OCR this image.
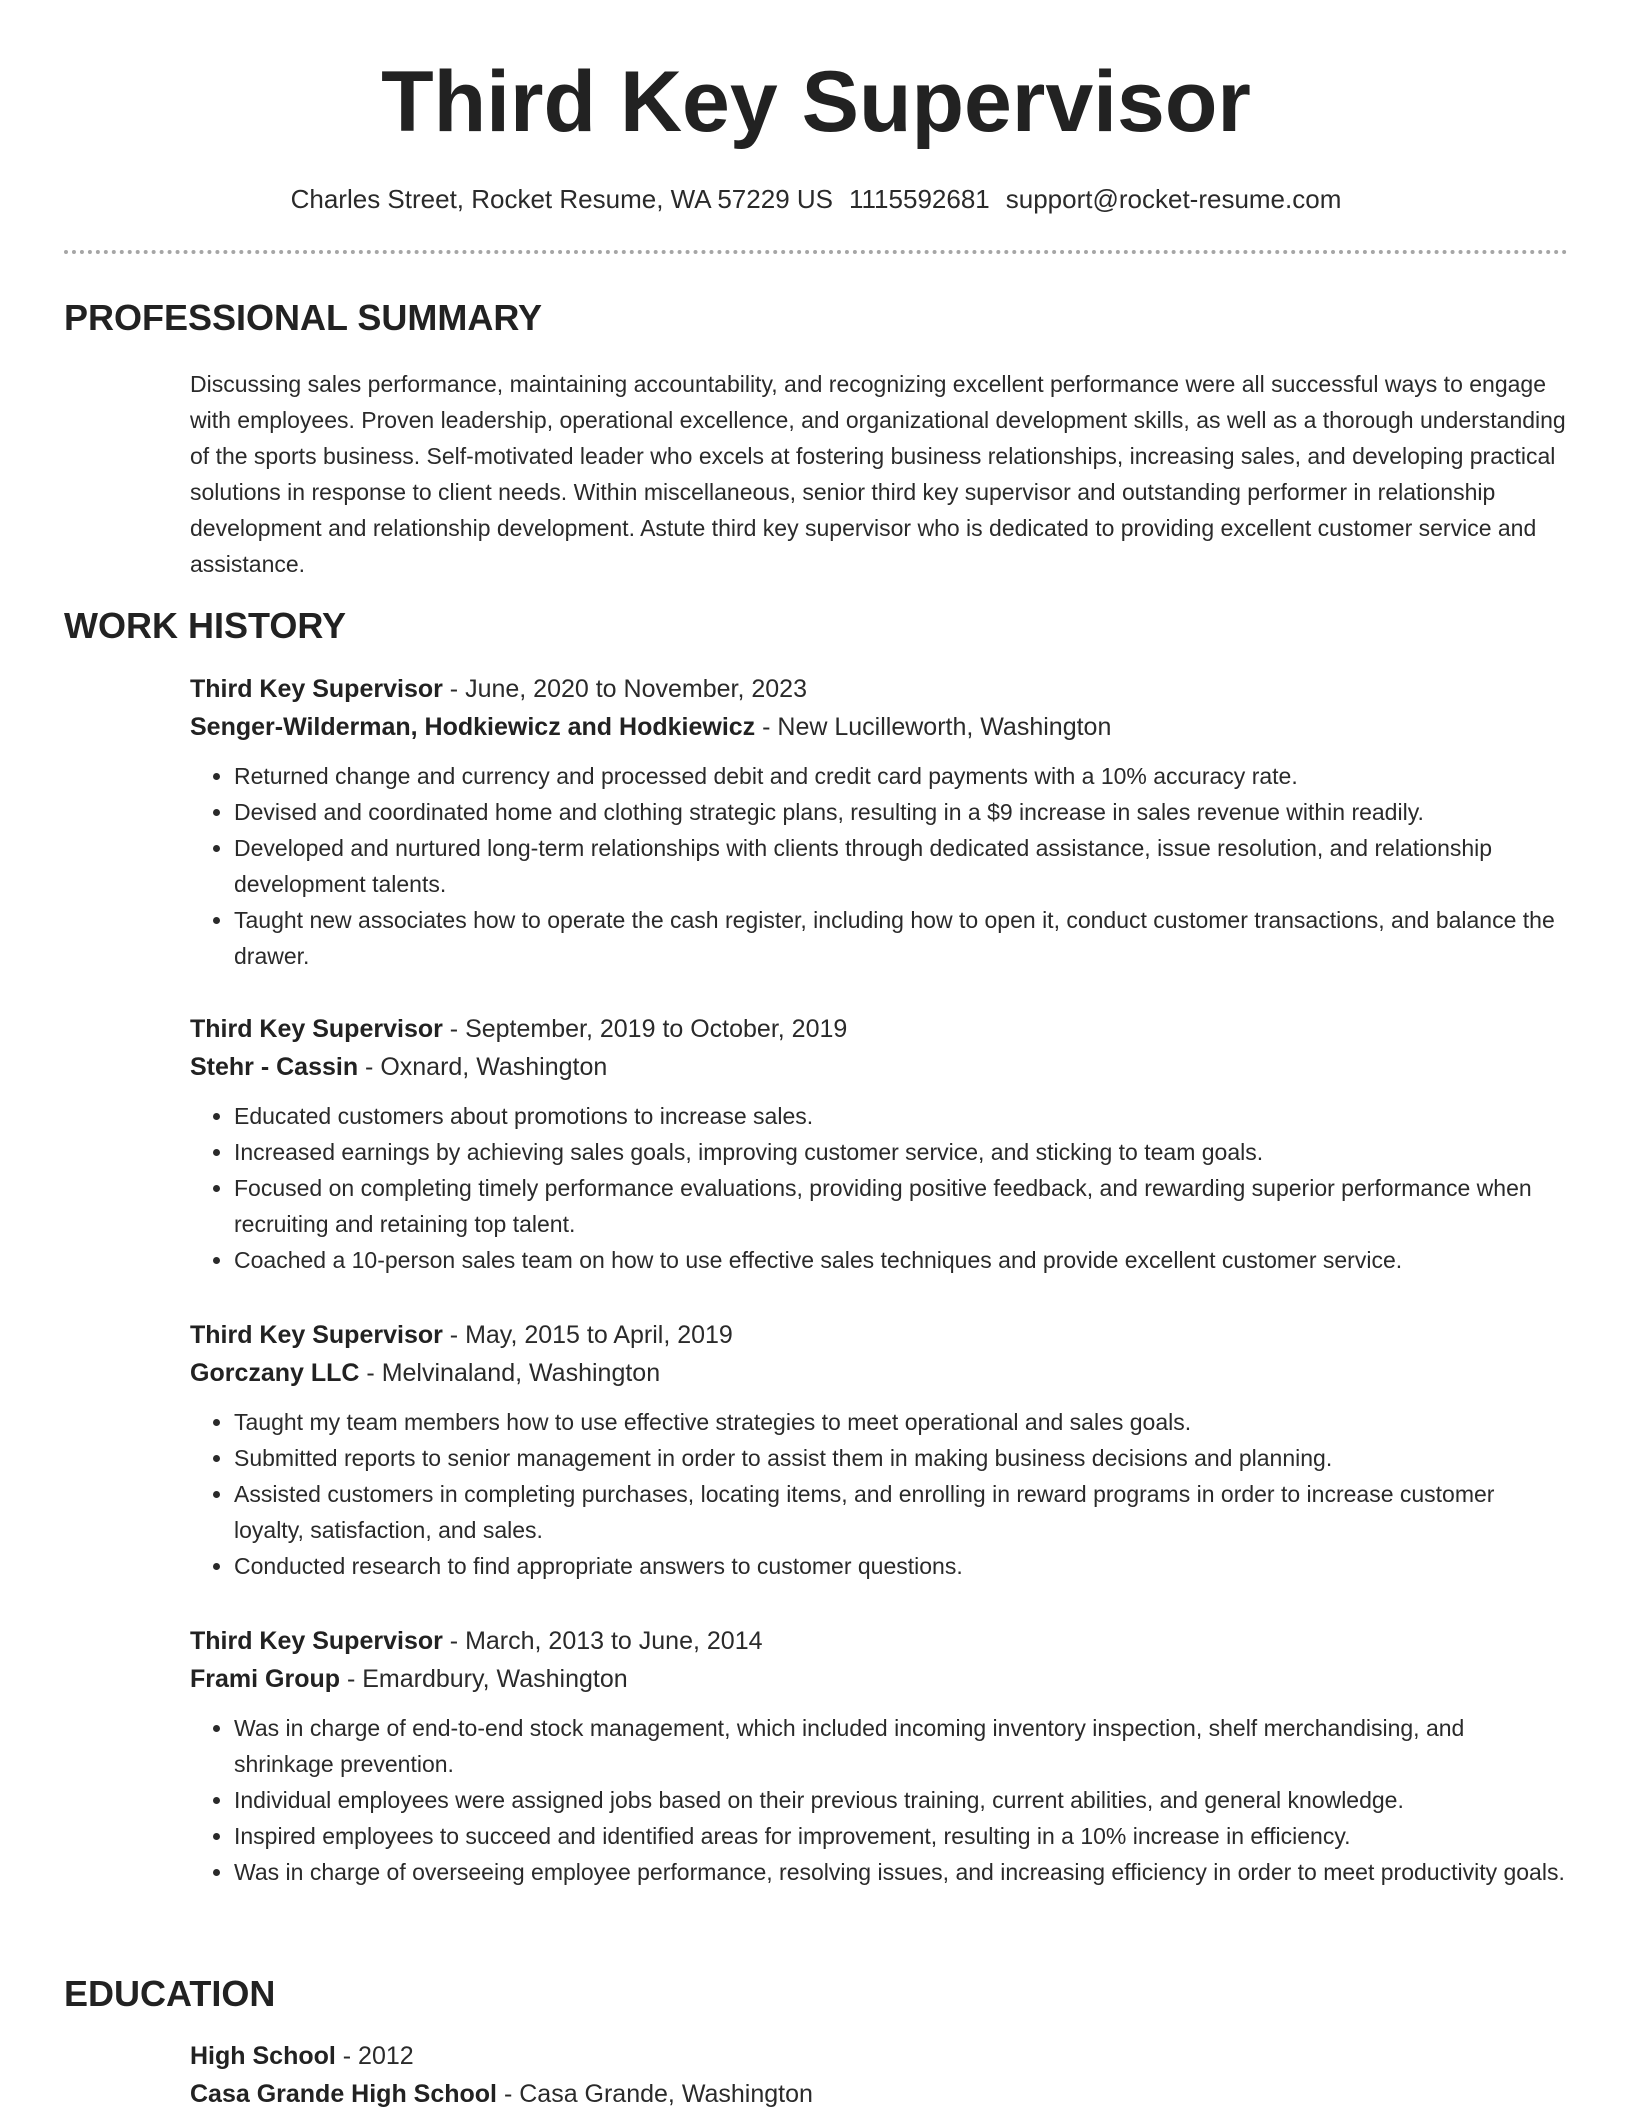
Third Key Supervisor
Charles Street, Rocket Resume, WA 57229 US 1115592681 support@rocket-resume.com
PROFESSIONAL SUMMARY
Discussing sales performance, maintaining accountability, and recognizing excellent performance were all successful ways to engage with employees. Proven leadership, operational excellence, and organizational development skills, as well as a thorough understanding of the sports business. Self-motivated leader who excels at fostering business relationships, increasing sales, and developing practical solutions in response to client needs. Within miscellaneous, senior third key supervisor and outstanding performer in relationship development and relationship development. Astute third key supervisor who is dedicated to providing excellent customer service and assistance.
WORK HISTORY
Third Key Supervisor - June, 2020 to November, 2023
Senger-Wilderman, Hodkiewicz and Hodkiewicz - New Lucilleworth, Washington
• Returned change and currency and processed debit and credit card payments with a 10% accuracy rate.
• Devised and coordinated home and clothing strategic plans, resulting in a $9 increase in sales revenue within readily.
• Developed and nurtured long-term relationships with clients through dedicated assistance, issue resolution, and relationship development talents.
• Taught new associates how to operate the cash register, including how to open it, conduct customer transactions, and balance the drawer.
Third Key Supervisor - September, 2019 to October, 2019
Stehr - Cassin - Oxnard, Washington
• Educated customers about promotions to increase sales.
• Increased earnings by achieving sales goals, improving customer service, and sticking to team goals.
• Focused on completing timely performance evaluations, providing positive feedback, and rewarding superior performance when recruiting and retaining top talent.
• Coached a 10-person sales team on how to use effective sales techniques and provide excellent customer service.
Third Key Supervisor - May, 2015 to April, 2019
Gorczany LLC - Melvinaland, Washington
• Taught my team members how to use effective strategies to meet operational and sales goals.
• Submitted reports to senior management in order to assist them in making business decisions and planning.
• Assisted customers in completing purchases, locating items, and enrolling in reward programs in order to increase customer loyalty, satisfaction, and sales.
• Conducted research to find appropriate answers to customer questions.
Third Key Supervisor - March, 2013 to June, 2014
Frami Group - Emardbury, Washington
• Was in charge of end-to-end stock management, which included incoming inventory inspection, shelf merchandising, and shrinkage prevention.
• Individual employees were assigned jobs based on their previous training, current abilities, and general knowledge.
• Inspired employees to succeed and identified areas for improvement, resulting in a 10% increase in efficiency.
• Was in charge of overseeing employee performance, resolving issues, and increasing efficiency in order to meet productivity goals.
EDUCATION
High School - 2012
Casa Grande High School - Casa Grande, Washington
